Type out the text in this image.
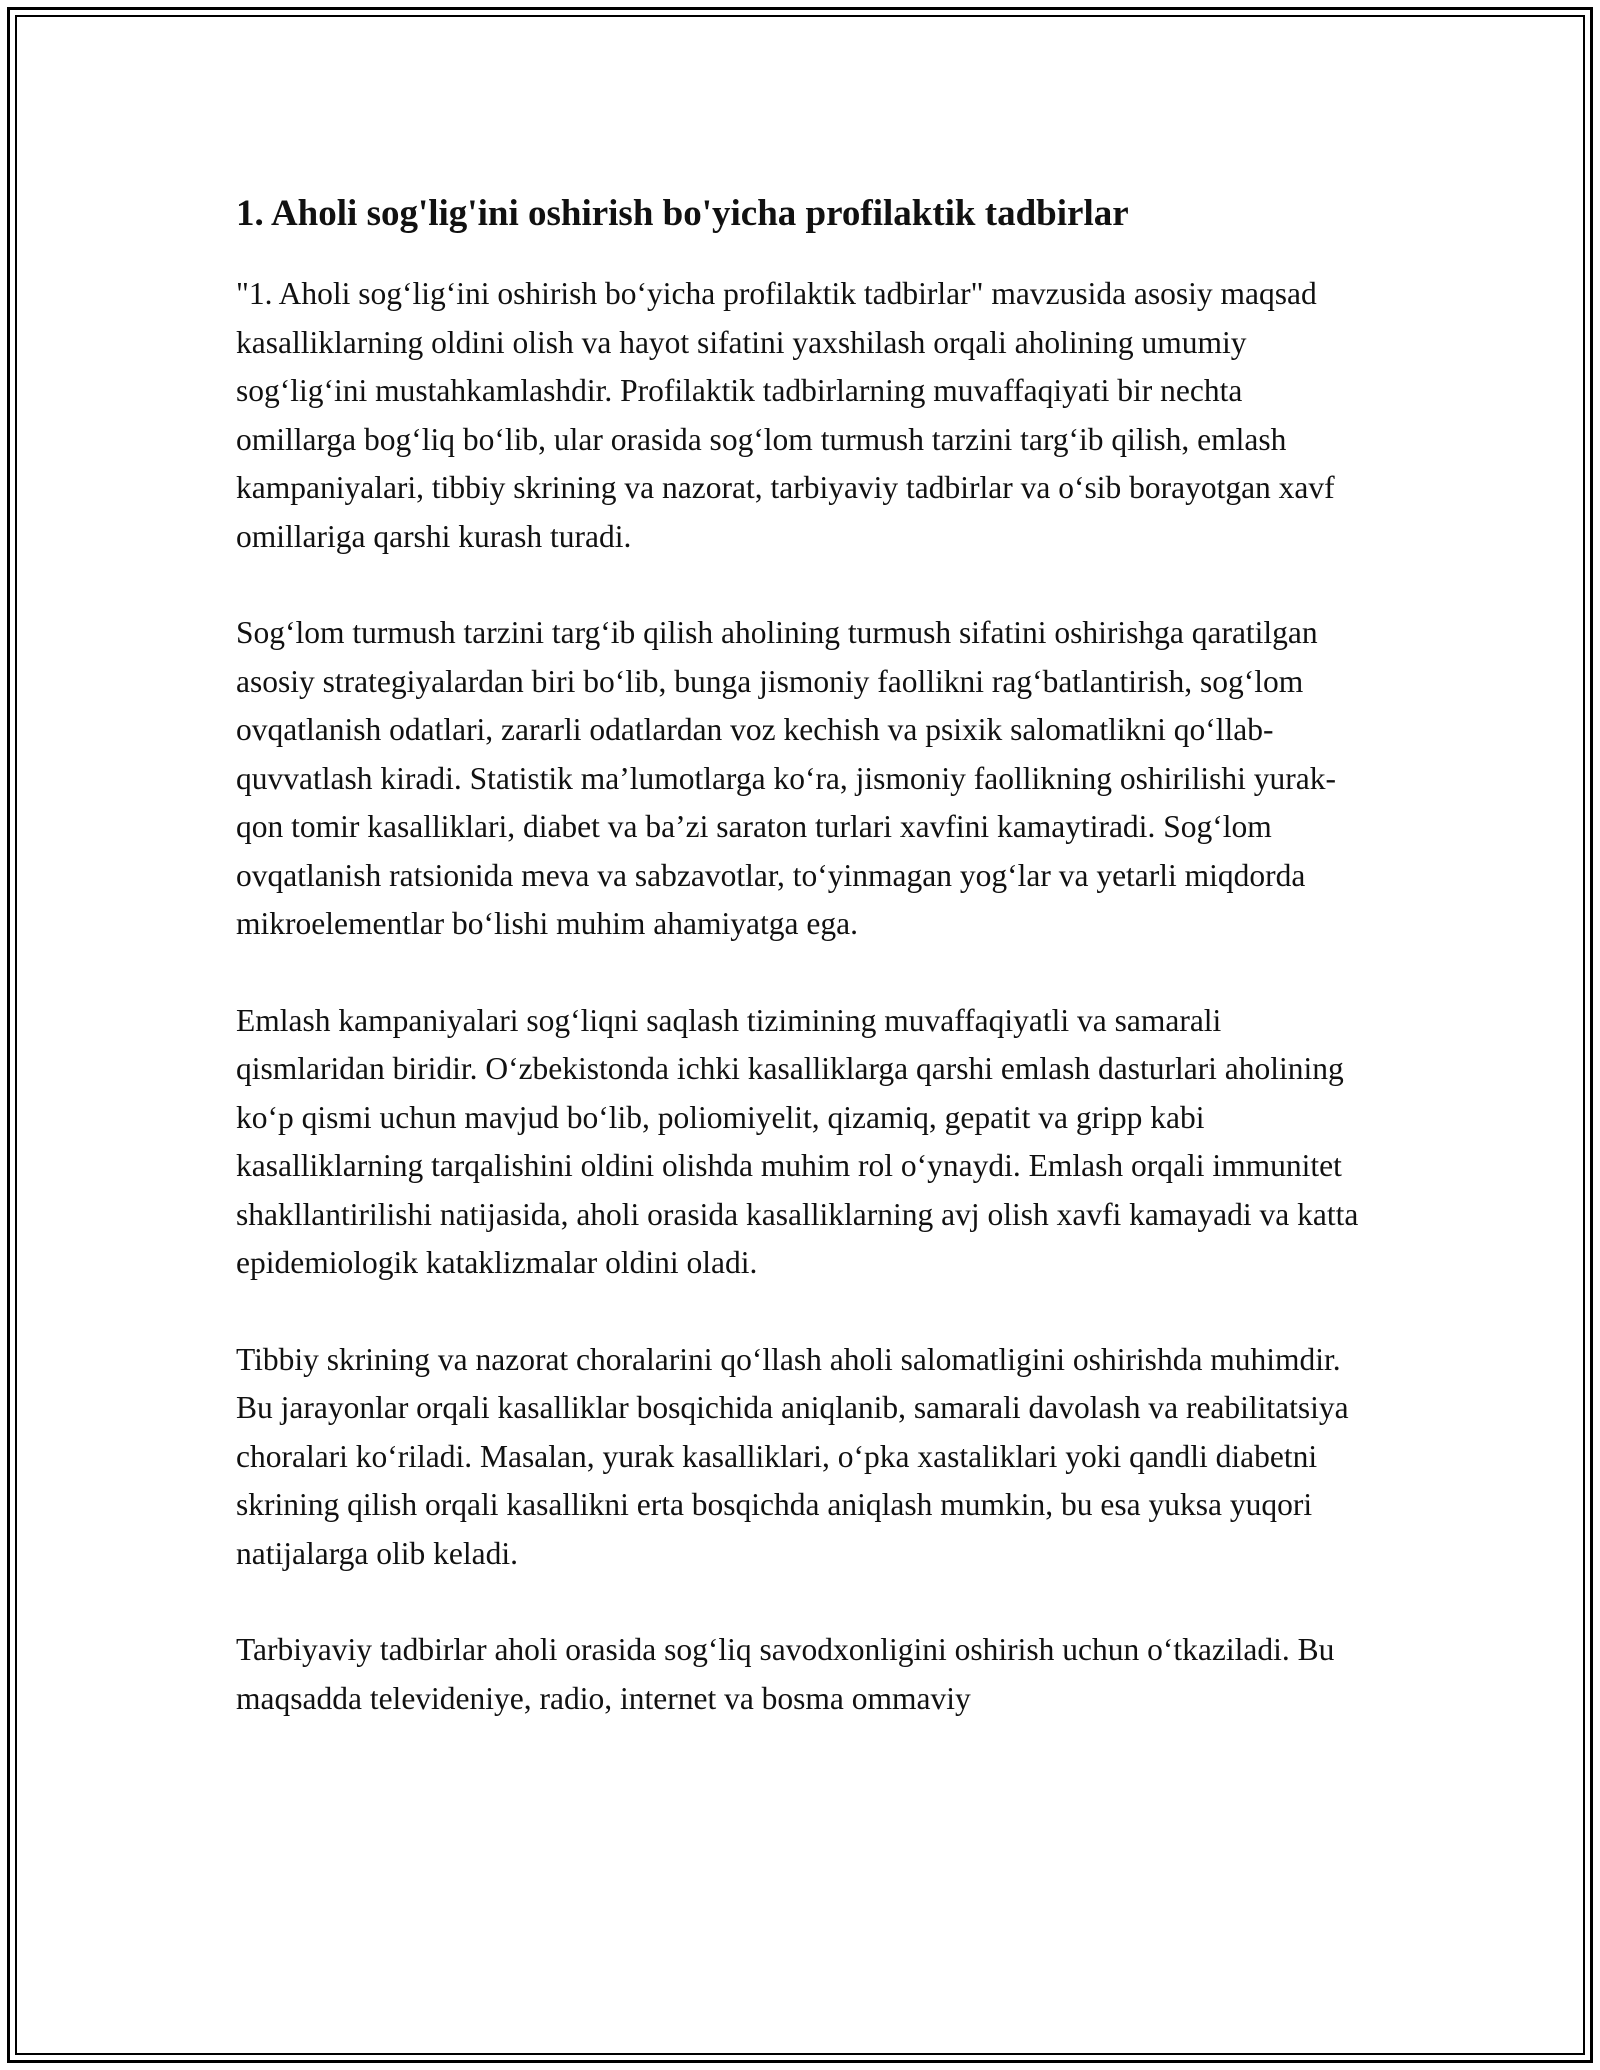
1. Aholi sog'lig'ini oshirish bo'yicha profilaktik tadbirlar

"1. Aholi sog‘lig‘ini oshirish bo‘yicha profilaktik tadbirlar" mavzusida asosiy maqsad kasalliklarning oldini olish va hayot sifatini yaxshilash orqali aholining umumiy sog‘lig‘ini mustahkamlashdir. Profilaktik tadbirlarning muvaffaqiyati bir nechta omillarga bog‘liq bo‘lib, ular orasida sog‘lom turmush tarzini targ‘ib qilish, emlash kampaniyalari, tibbiy skrining va nazorat, tarbiyaviy tadbirlar va o‘sib borayotgan xavf omillariga qarshi kurash turadi.

Sog‘lom turmush tarzini targ‘ib qilish aholining turmush sifatini oshirishga qaratilgan asosiy strategiyalardan biri bo‘lib, bunga jismoniy faollikni rag‘batlantirish, sog‘lom ovqatlanish odatlari, zararli odatlardan voz kechish va psixik salomatlikni qo‘llab-quvvatlash kiradi. Statistik ma’lumotlarga ko‘ra, jismoniy faollikning oshirilishi yurak-qon tomir kasalliklari, diabet va ba’zi saraton turlari xavfini kamaytiradi. Sog‘lom ovqatlanish ratsionida meva va sabzavotlar, to‘yinmagan yog‘lar va yetarli miqdorda mikroelementlar bo‘lishi muhim ahamiyatga ega.

Emlash kampaniyalari sog‘liqni saqlash tizimining muvaffaqiyatli va samarali qismlaridan biridir. O‘zbekistonda ichki kasalliklarga qarshi emlash dasturlari aholining ko‘p qismi uchun mavjud bo‘lib, poliomiyelit, qizamiq, gepatit va gripp kabi kasalliklarning tarqalishini oldini olishda muhim rol o‘ynaydi. Emlash orqali immunitet shakllantirilishi natijasida, aholi orasida kasalliklarning avj olish xavfi kamayadi va katta epidemiologik kataklizmalar oldini oladi.

Tibbiy skrining va nazorat choralarini qo‘llash aholi salomatligini oshirishda muhimdir. Bu jarayonlar orqali kasalliklar bosqichida aniqlanib, samarali davolash va reabilitatsiya choralari ko‘riladi. Masalan, yurak kasalliklari, o‘pka xastaliklari yoki qandli diabetni skrining qilish orqali kasallikni erta bosqichda aniqlash mumkin, bu esa yuksa yuqori natijalarga olib keladi.

Tarbiyaviy tadbirlar aholi orasida sog‘liq savodxonligini oshirish uchun o‘tkaziladi. Bu maqsadda televideniye, radio, internet va bosma ommaviy
